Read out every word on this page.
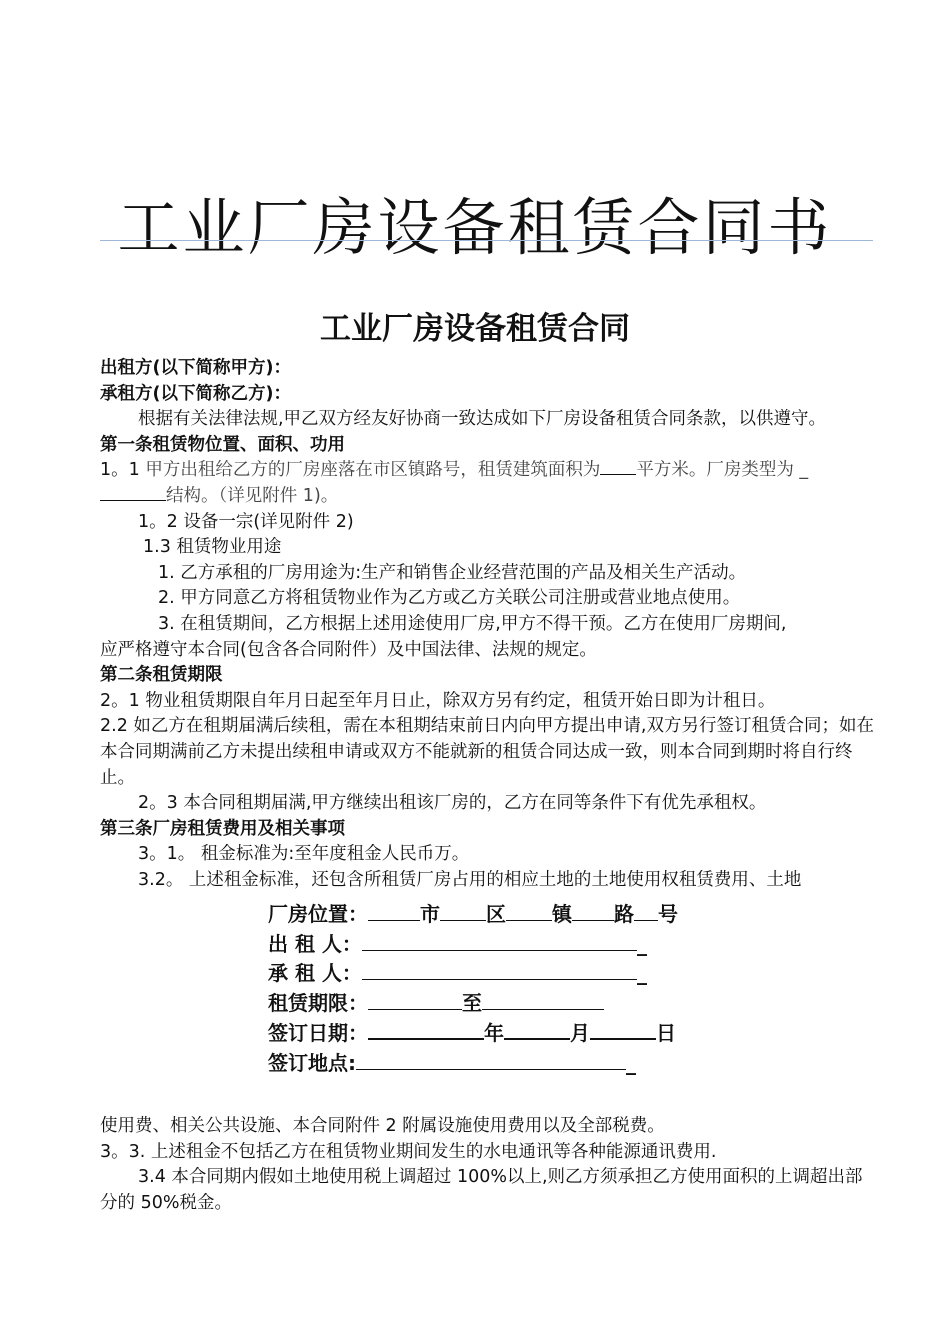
工业厂房设备租赁合同书
工业厂房设备租赁合同

出租方(以下简称甲方)：

承租方(以下简称乙方)：

根据有关法律法规,甲乙双方经友好协商一致达成如下厂房设备租赁合同条款，以供遵守。

第一条租赁物位置、面积、功用

1。1 甲方出租给乙方的厂房座落在市区镇路号，租赁建筑面积为 平方米。厂房类型为 _
结构。（详见附件 1)。

1。2 设备一宗(详见附件 2)

1.3 租赁物业用途

1. 乙方承租的厂房用途为:生产和销售企业经营范围的产品及相关生产活动。

2. 甲方同意乙方将租赁物业作为乙方或乙方关联公司注册或营业地点使用。

3. 在租赁期间，乙方根据上述用途使用厂房,甲方不得干预。乙方在使用厂房期间,

应严格遵守本合同(包含各合同附件）及中国法律、法规的规定。

第二条租赁期限

2。1 物业租赁期限自年月日起至年月日止，除双方另有约定，租赁开始日即为计租日。

2.2 如乙方在租期届满后续租，需在本租期结束前日内向甲方提出申请,双方另行签订租赁合同；如在本合同期满前乙方未提出续租申请或双方不能就新的租赁合同达成一致，则本合同到期时将自行终止。

2。3 本合同租期届满,甲方继续出租该厂房的，乙方在同等条件下有优先承租权。

第三条厂房租赁费用及相关事项

3。1。 租金标准为:至年度租金人民币万。

3.2。 上述租金标准，还包含所租赁厂房占用的相应土地的土地使用权租赁费用、土地

厂房位置：	市 区 镇 路 号
出 租 人：	_
承 租 人：	_
租赁期限：	至
签订日期：	年	月	日
签订地点:	_

使用费、相关公共设施、本合同附件 2 附属设施使用费用以及全部税费。

3。3. 上述租金不包括乙方在租赁物业期间发生的水电通讯等各种能源通讯费用.

3.4 本合同期内假如土地使用税上调超过 100%以上,则乙方须承担乙方使用面积的上调超出部分的 50%税金。
